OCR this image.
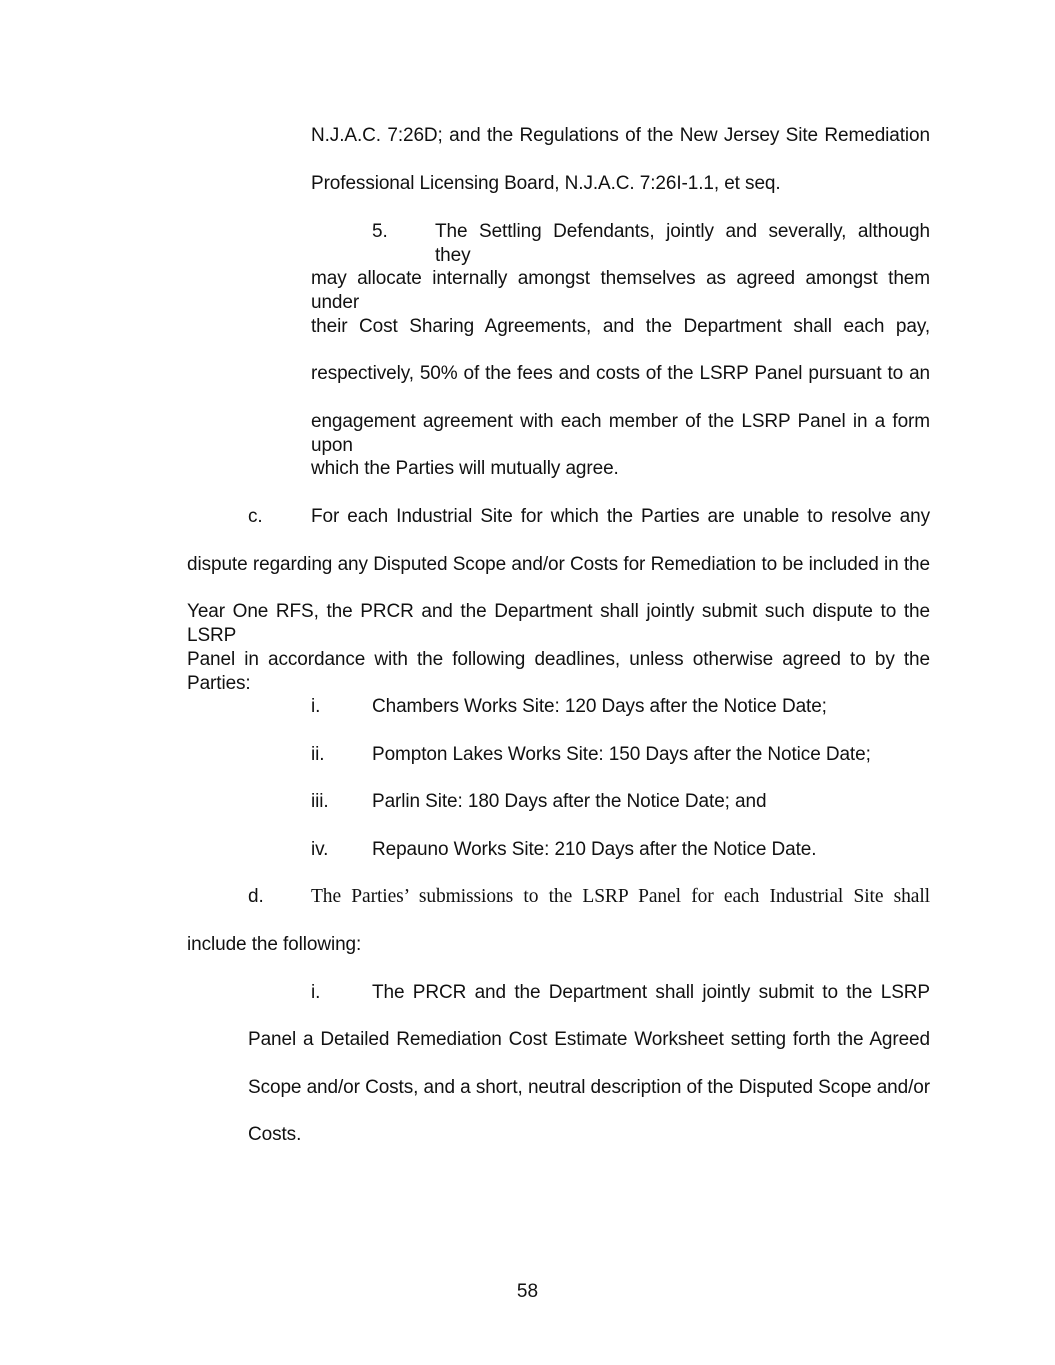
N.J.A.C. 7:26D; and the Regulations of the New Jersey Site Remediation
Professional Licensing Board, N.J.A.C. 7:26I-1.1, et seq.
5. The Settling Defendants, jointly and severally, although they
may allocate internally amongst themselves as agreed amongst them under
their Cost Sharing Agreements, and the Department shall each pay,
respectively, 50% of the fees and costs of the LSRP Panel pursuant to an
engagement agreement with each member of the LSRP Panel in a form upon
which the Parties will mutually agree.
c.	For each Industrial Site for which the Parties are unable to resolve any
dispute regarding any Disputed Scope and/or Costs for Remediation to be included in the
Year One RFS, the PRCR and the Department shall jointly submit such dispute to the LSRP
Panel in accordance with the following deadlines, unless otherwise agreed to by the Parties:
i.	Chambers Works Site: 120 Days after the Notice Date;
ii.	Pompton Lakes Works Site: 150 Days after the Notice Date;
iii. Parlin Site: 180 Days after the Notice Date; and
iv. Repauno Works Site: 210 Days after the Notice Date.
d. The Parties’ submissions to the LSRP Panel for each Industrial Site shall
include the following:
i.	The PRCR and the Department shall jointly submit to the LSRP
Panel a Detailed Remediation Cost Estimate Worksheet setting forth the Agreed
Scope and/or Costs, and a short, neutral description of the Disputed Scope and/or
Costs.
58
